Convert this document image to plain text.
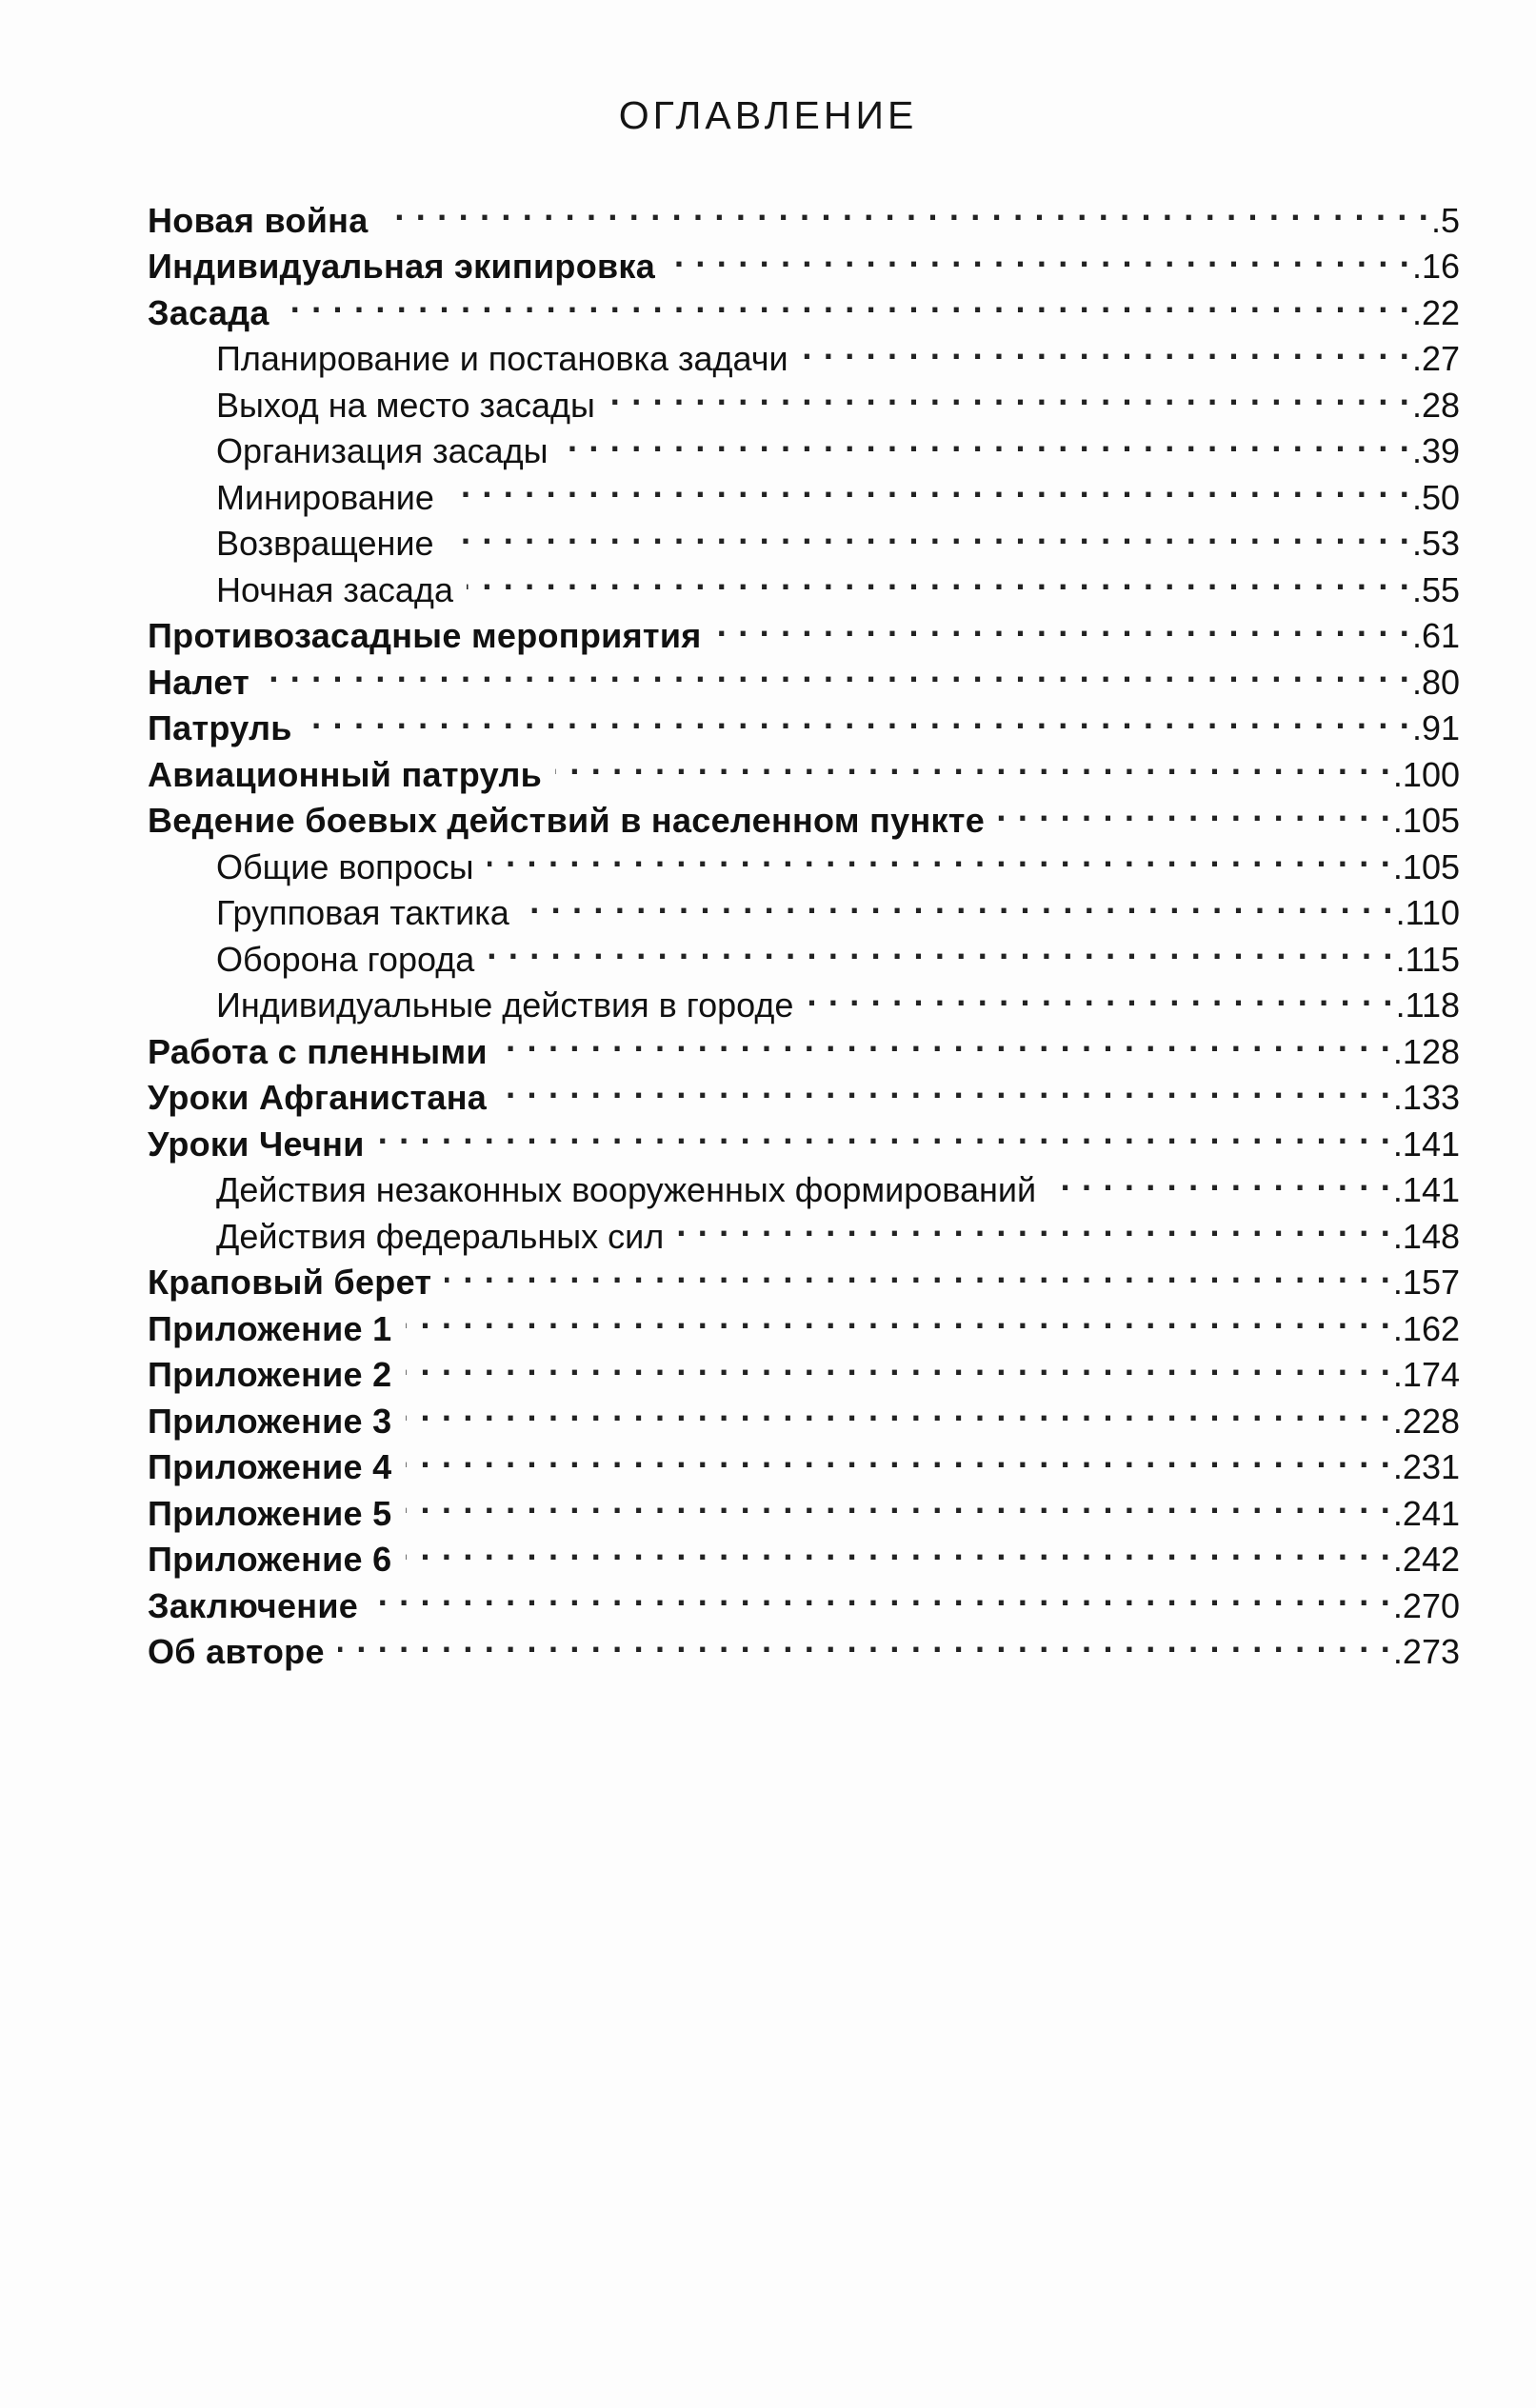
ОГЛАВЛЕНИЕ
Новая война . . .	.5
Индивидуальная экипировка . . .	.16
Засада . . .	.22
Планирование и постановка задачи . . .	.27
Выход на место засады . . .	.28
Организация засады . . .	.39
Минирование . . .	.50
Возвращение . . .	.53
Ночная засада . . .	.55
Противозасадные мероприятия . . .	.61
Налет . . .	.80
Патруль . . .	.91
Авиационный патруль . . .	.100
Ведение боевых действий в населенном пункте . . .	.105
Общие вопросы . . .	.105
Групповая тактика . . .	.110
Оборона города . . .	.115
Индивидуальные действия в городе . . .	.118
Работа с пленными . . .	.128
Уроки Афганистана . . .	.133
Уроки Чечни . . .	.141
Действия незаконных вооруженных формирований . . .	.141
Действия федеральных сил . . .	.148
Краповый берет . . .	.157
Приложение 1 . . .	.162
Приложение 2 . . .	.174
Приложение 3 . . .	.228
Приложение 4 . . .	.231
Приложение 5 . . .	.241
Приложение 6 . . .	.242
Заключение . . .	.270
Об авторе . . .	.273
